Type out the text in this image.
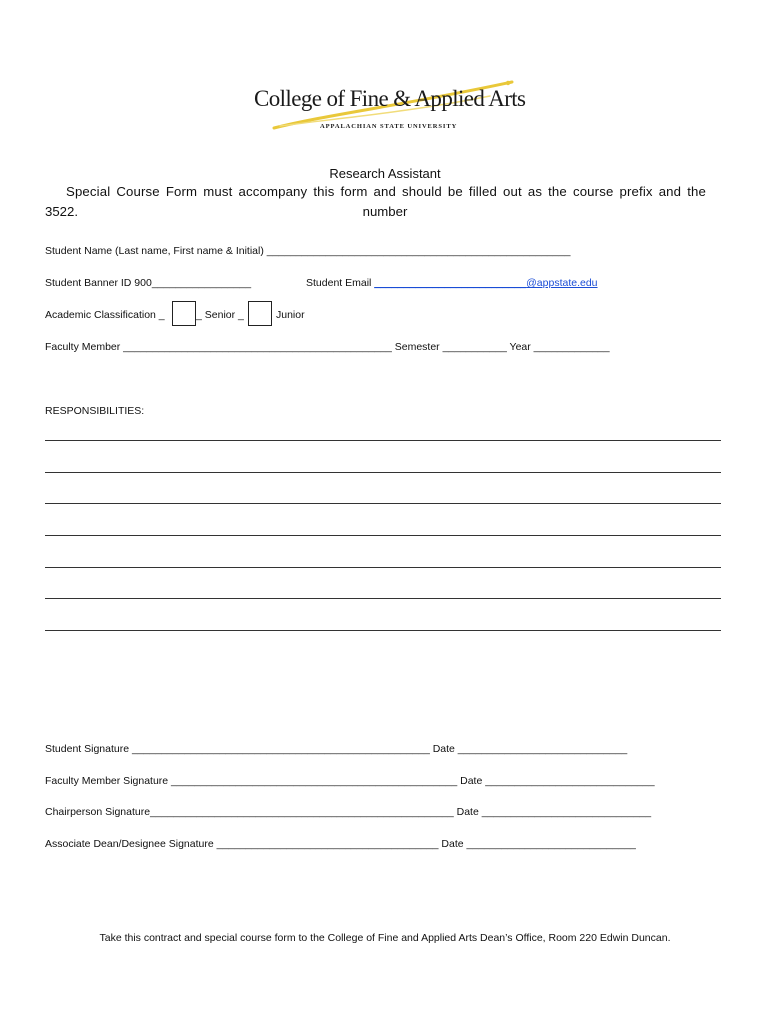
College of Fine & Applied Arts
APPALACHIAN STATE UNIVERSITY
Research Assistant
Special Course Form must accompany this form and should be filled out as the course prefix and the
3522.	number
Student Name (Last name, First name & Initial) ____________________________________________________
Student Banner ID 900_________________	Student Email __________________________@appstate.edu
Academic Classification _	_ Senior _	Junior
Faculty Member ______________________________________________ Semester ___________ Year _____________
RESPONSIBILITIES:
Student Signature ___________________________________________________ Date _____________________________
Faculty Member Signature _________________________________________________ Date _____________________________
Chairperson Signature____________________________________________________ Date _____________________________
Associate Dean/Designee Signature ______________________________________ Date _____________________________
Take this contract and special course form to the College of Fine and Applied Arts Dean’s Office, Room 220 Edwin Duncan.
